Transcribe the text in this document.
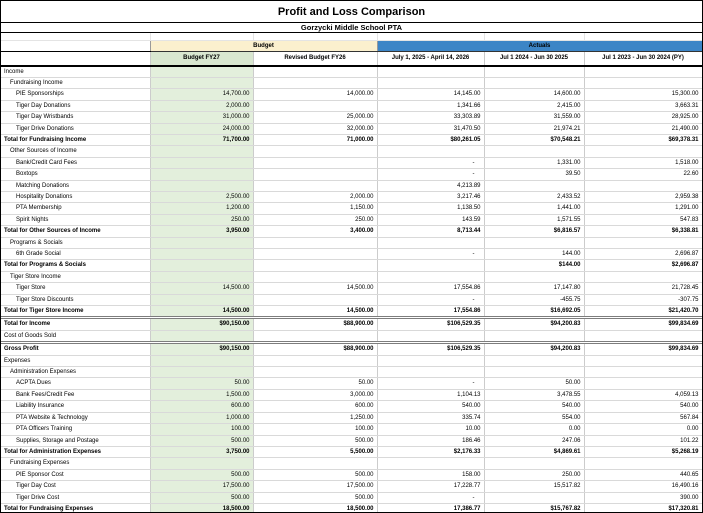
Profit and Loss Comparison
Gorzycki Middle School PTA

	Budget		Actuals		
	Budget FY27	Revised Budget FY26	July 1, 2025 - April 14, 2026	Jul 1 2024 - Jun 30 2025	Jul 1 2023 - Jun 30 2024 (PY)
Income					
Fundraising Income					
PIE Sponsorships	14,700.00	14,000.00	14,145.00	14,600.00	15,300.00
Tiger Day Donations	2,000.00		1,341.66	2,415.00	3,663.31
Tiger Day Wristbands	31,000.00	25,000.00	33,303.89	31,559.00	28,925.00
Tiger Drive Donations	24,000.00	32,000.00	31,470.50	21,974.21	21,490.00
Total for Fundraising Income	71,700.00	71,000.00	$80,261.05	$70,548.21	$69,378.31
Other Sources of Income					
Bank/Credit Card Fees			-	1,331.00	1,518.00
Boxtops			-	39.50	22.60
Matching Donations			4,213.89		
Hospitality Donations	2,500.00	2,000.00	3,217.46	2,433.52	2,959.38
PTA Membership	1,200.00	1,150.00	1,138.50	1,441.00	1,291.00
Spirit Nights	250.00	250.00	143.59	1,571.55	547.83
Total for Other Sources of Income	3,950.00	3,400.00	8,713.44	$6,816.57	$6,338.81
Programs & Socials					
6th Grade Social			-	144.00	2,696.87
Total for Programs & Socials				$144.00	$2,696.87
Tiger Store Income					
Tiger Store	14,500.00	14,500.00	17,554.86	17,147.80	21,728.45
Tiger Store Discounts			-	-455.75	-307.75
Total for Tiger Store Income	14,500.00	14,500.00	17,554.86	$16,692.05	$21,420.70
Total for Income	$90,150.00	$88,900.00	$106,529.35	$94,200.83	$99,834.69
Cost of Goods Sold					
Gross Profit	$90,150.00	$88,900.00	$106,529.35	$94,200.83	$99,834.69
Expenses					
Administration Expenses					
ACPTA Dues	50.00	50.00	-	50.00	
Bank Fees/Credit Fee	1,500.00	3,000.00	1,104.13	3,478.55	4,059.13
Liability Insurance	600.00	600.00	540.00	540.00	540.00
PTA Website & Technology	1,000.00	1,250.00	335.74	554.00	567.84
PTA Officers Training	100.00	100.00	10.00	0.00	0.00
Supplies, Storage and Postage	500.00	500.00	186.46	247.06	101.22
Total for Administration Expenses	3,750.00	5,500.00	$2,176.33	$4,869.61	$5,268.19
Fundraising Expenses					
PIE Sponsor Cost	500.00	500.00	158.00	250.00	440.65
Tiger Day Cost	17,500.00	17,500.00	17,228.77	15,517.82	16,490.16
Tiger Drive Cost	500.00	500.00	-		390.00
Total for Fundraising Expenses	18,500.00	18,500.00	17,386.77	$15,767.82	$17,320.81
